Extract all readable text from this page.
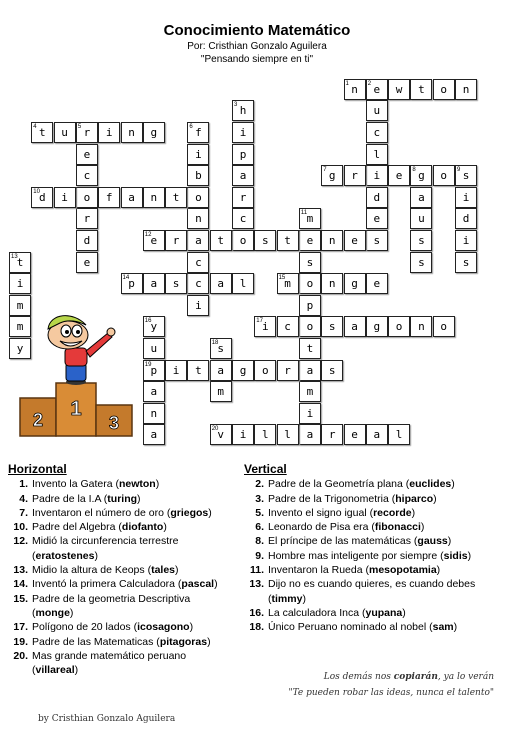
Conocimiento Matemático
Por: Cristhian Gonzalo Aguilera
"Pensando siempre en ti"
n
1	e
2	w	t	o	n
u
c
l
i
d
e
s
h
3
i
p
a
r
c
o
t
4	u	r
5	i	n	g
e
c
o
r
d
e
f
6
i
b
o
n
a
c
c
i
g
7	r	e	g
8	o	s
9
a
u
s
s
i
d
i
s
d
10	i	f	a	n	t
m
11
e
s
o
p
o
t
a
m
i
a
e
12	r	t	s	t	n	e
t
13
i
m
m
y
p
14	a	s	a	l	m
15	n	g	e
y
16
u
p
19
a
n
a
i
17	c	s	a	g	o	n	o
s
18
a
m
i	t	g	o	r	s
v
20	i	l	l	r	e	a	l
2 1
3
Horizontal
1. Invento la Gatera (newton)
4. Padre de la I.A (turing)
7. Inventaron el número de oro (griegos)
10. Padre del Algebra (diofanto)
12. Midió la circunferencia terrestre (eratostenes)
13. Midio la altura de Keops (tales)
14. Inventó la primera Calculadora (pascal)
15. Padre de la geometria Descriptiva (monge)
17. Polígono de 20 lados (icosagono)
19. Padre de las Matematicas (pitagoras)
20. Mas grande matemático peruano (villareal)
Vertical
2. Padre de la Geometría plana (euclides)
3. Padre de la Trigonometria (hiparco)
5. Invento el signo igual (recorde)
6. Leonardo de Pisa era (fibonacci)
8. El príncipe de las matemáticas (gauss)
9. Hombre mas inteligente por siempre (sidis)
11. Inventaron la Rueda (mesopotamia)
13. Dijo no es cuando quieres, es cuando debes (timmy)
16. La calculadora Inca (yupana)
18. Único Peruano nominado al nobel (sam)
Los demás nos copiarán, ya lo verán
"Te pueden robar las ideas, nunca el talento"
by Cristhian Gonzalo Aguilera
